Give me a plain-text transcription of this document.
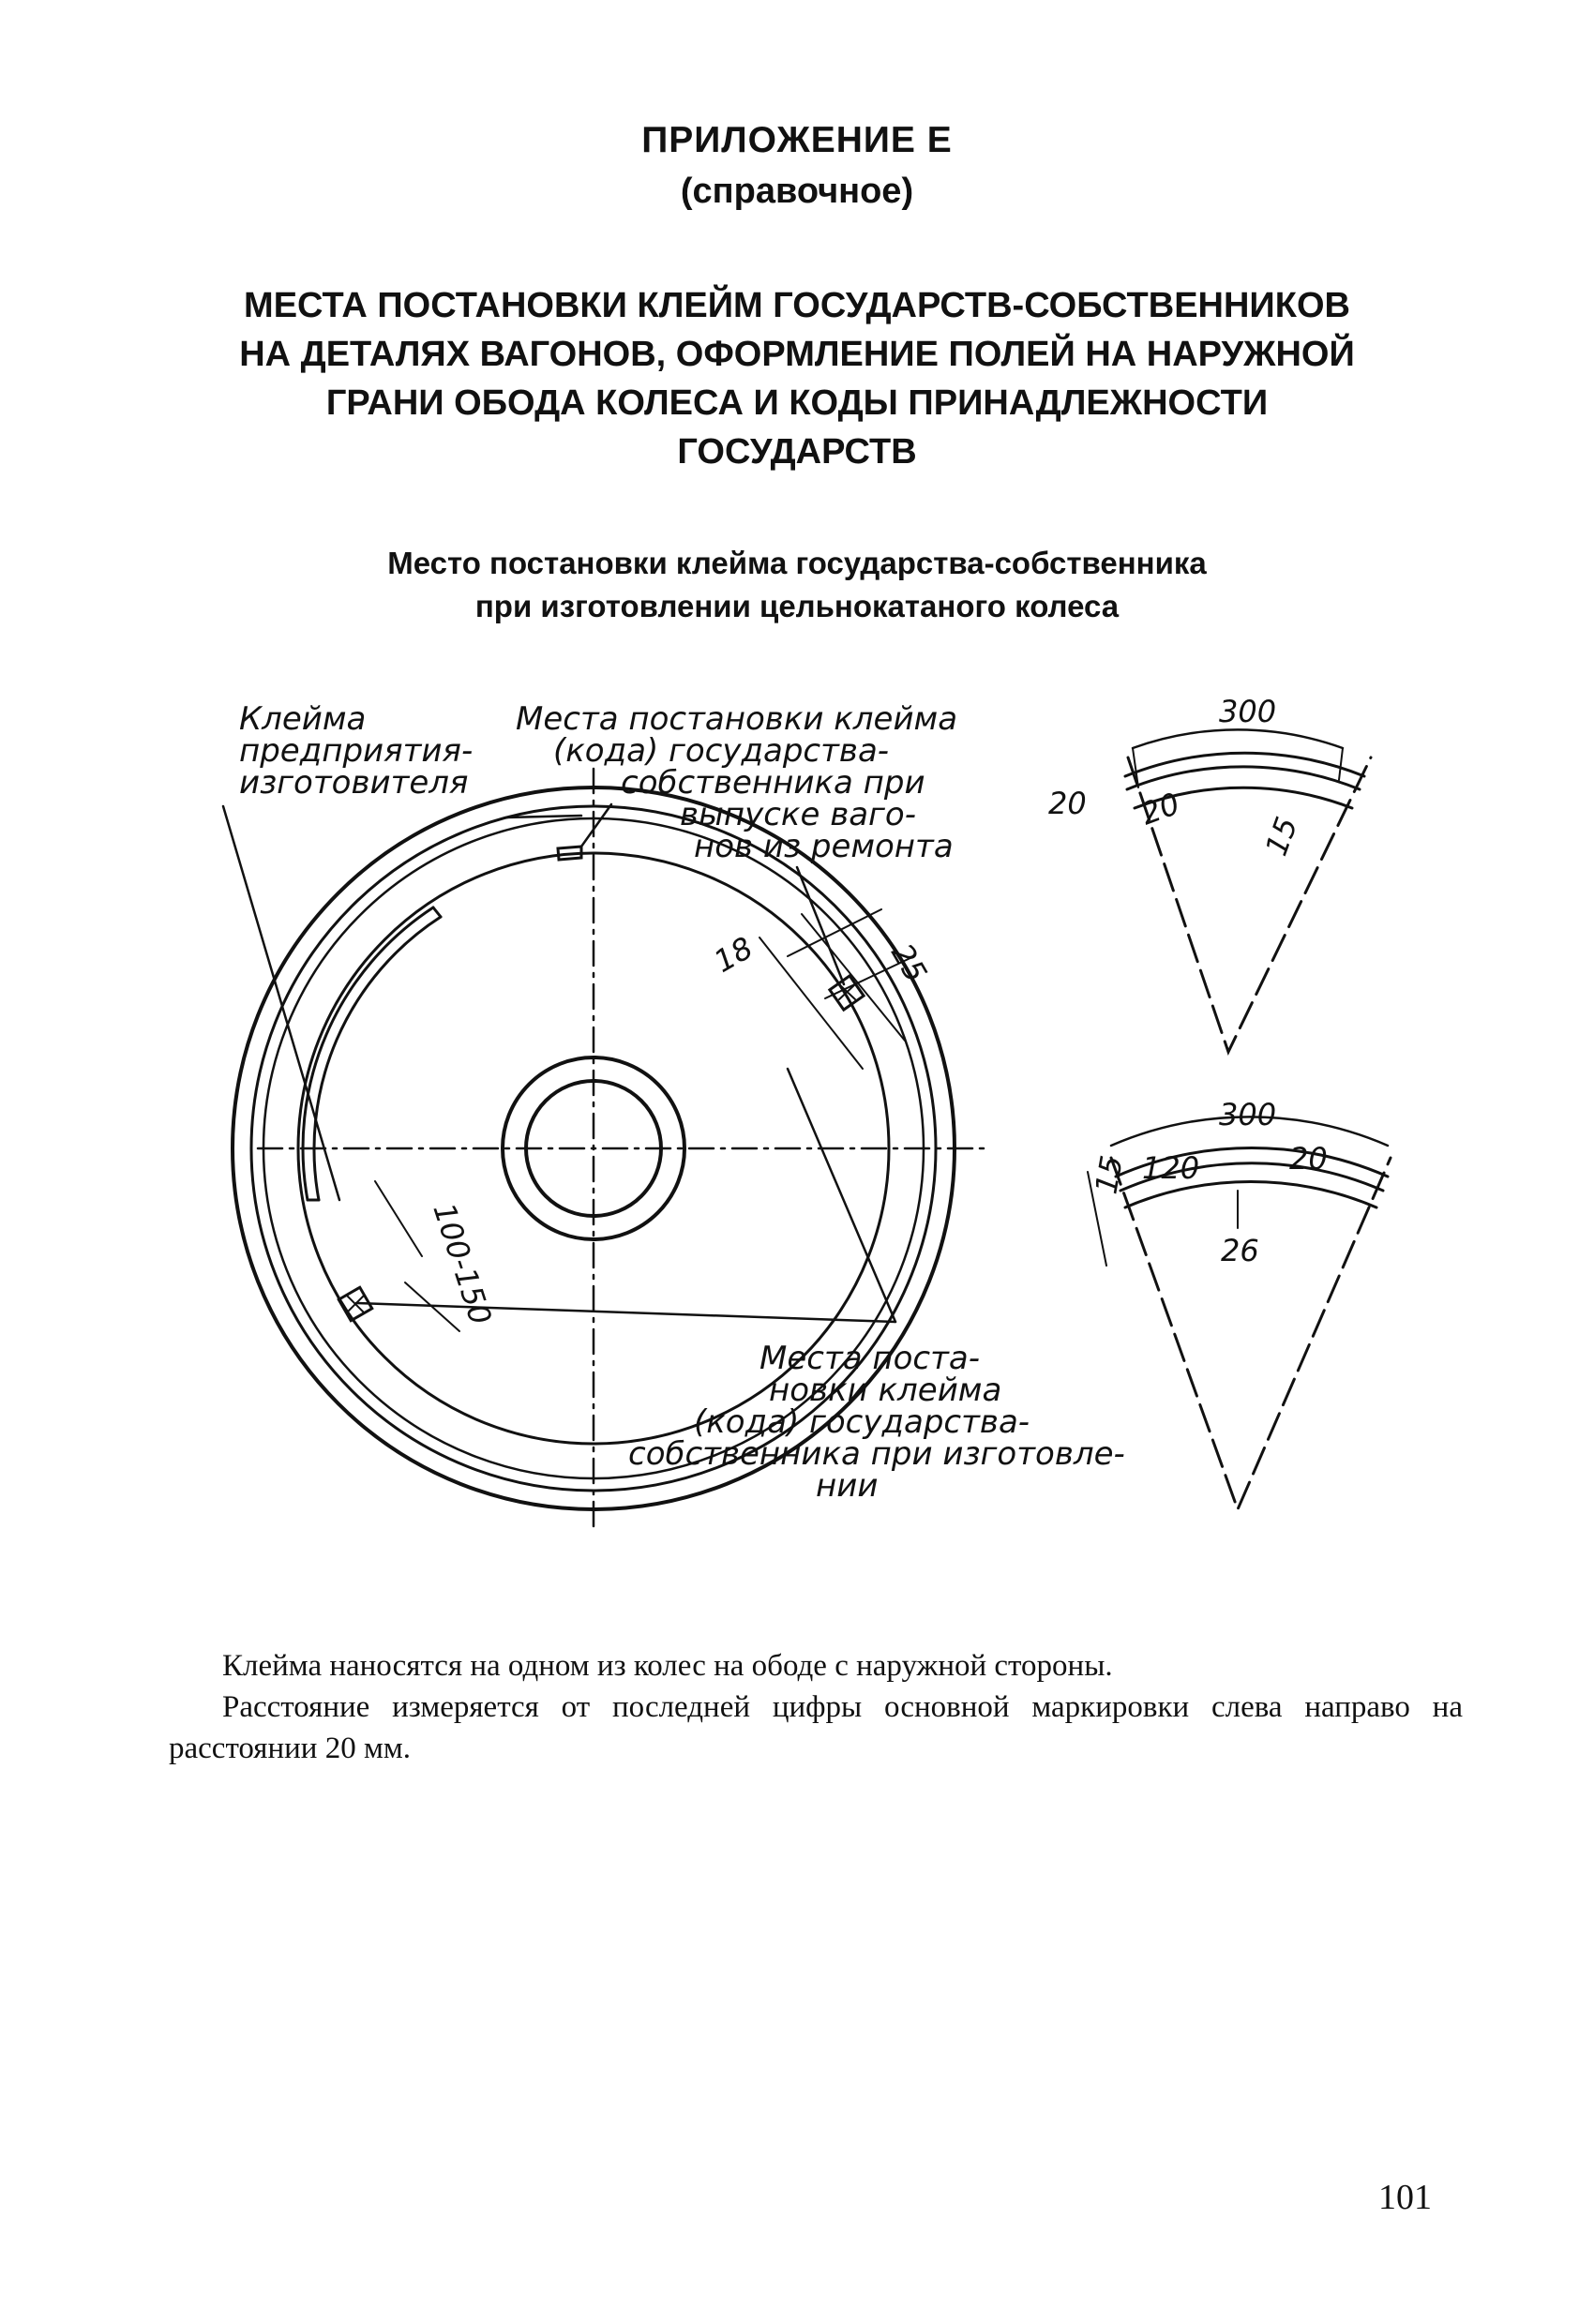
ПРИЛОЖЕНИЕ Е
(справочное)
МЕСТА ПОСТАНОВКИ КЛЕЙМ ГОСУДАРСТВ-СОБСТВЕННИКОВ
НА ДЕТАЛЯХ ВАГОНОВ, ОФОРМЛЕНИЕ ПОЛЕЙ НА НАРУЖНОЙ
ГРАНИ ОБОДА КОЛЕСА И КОДЫ ПРИНАДЛЕЖНОСТИ
ГОСУДАРСТВ
Место постановки клейма государства-собственника
при изготовлении цельнокатаного колеса
Клейма
предприятия-
изготовителя
Места постановки клейма
(кода) государства-
собственника при
выпуске ваго-
нов из ремонта
Места поста-
новки клейма
(кода) государства-
собственника при изготовле-
нии
18	25
100-150
300
20 20
15
300
120	20
15
26

Клейма наносятся на одном из колес на ободе с наружной стороны.

Расстояние измеряется от последней цифры основной маркировки слева направо на расстоянии 20 мм.

101
